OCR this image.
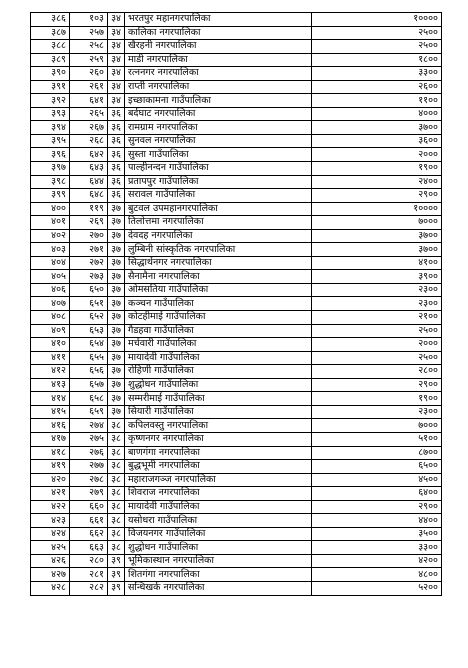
३८६	१०३	३४	भरतपुर महानगरपालिका	१००००
३८७	२५७	३४	कालिका नगरपालिका	२५००
३८८	२५८	३४	खैरहनी नगरपालिका	२५००
३८९	२५९	३४	माडी नगरपालिका	१८००
३९०	२६०	३४	रत्ननगर नगरपालिका	३३००
३९१	२६१	३४	राप्ती नगरपालिका	२६००
३९२	६४१	३४	इच्छाकामना गाउँपालिका	११००
३९३	२६५	३६	बर्दघाट नगरपालिका	४०००
३९४	२६७	३६	रामग्राम नगरपालिका	३७००
३९५	२६८	३६	सुनवल नगरपालिका	३६००
३९६	६४२	३६	सुस्ता गाउँपालिका	२०००
३९७	६४३	३६	पाल्हीनन्दन गाउँपालिका	१९००
३९८	६४४	३६	प्रतापपुर गाउँपालिका	२४००
३९९	६४८	३६	सरावल गाउँपालिका	२९००
४००	११९	३७	बुटवल उपमहानगरपालिका	१००००
४०१	२६९	३७	तिलोत्तमा नगरपालिका	७०००
४०२	२७०	३७	देवदह नगरपालिका	३७००
४०३	२७१	३७	लुम्बिनी सांस्कृतिक नगरपालिका	३७००
४०४	२७२	३७	सिद्धार्थनगर नगरपालिका	४१००
४०५	२७३	३७	सैनामैना नगरपालिका	३९००
४०६	६५०	३७	ओमसतिया गाउँपालिका	२३००
४०७	६५१	३७	कञ्चन गाउँपालिका	२३००
४०८	६५२	३७	कोटहीमाई गाउँपालिका	२१००
४०९	६५३	३७	गैडहवा गाउँपालिका	२५००
४१०	६५४	३७	मर्चवारी गाउँपालिका	२०००
४११	६५५	३७	मायादेवी गाउँपालिका	२५००
४१२	६५६	३७	रोहिणी गाउँपालिका	२८००
४१३	६५७	३७	शुद्धोधन गाउँपालिका	२९००
४१४	६५८	३७	सम्मरीमाई गाउँपालिका	१९००
४१५	६५९	३७	सियारी गाउँपालिका	२३००
४१६	२७४	३८	कपिलवस्तु नगरपालिका	७०००
४१७	२७५	३८	कृष्णनगर नगरपालिका	५१००
४१८	२७६	३८	बाणगंगा नगरपालिका	८७००
४१९	२७७	३८	बुद्धभूमी नगरपालिका	६५००
४२०	२७८	३८	महाराजगञ्ज नगरपालिका	४५००
४२१	२७९	३८	शिवराज नगरपालिका	६४००
४२२	६६०	३८	मायादेवी गाउँपालिका	२९००
४२३	६६१	३८	यसोधरा गाउँपालिका	४४००
४२४	६६२	३८	विजयनगर गाउँपालिका	३५००
४२५	६६३	३८	शुद्धोधन गाउँपालिका	३३००
४२६	२८०	३९	भूमिकास्थान नगरपालिका	४२००
४२७	२८१	३९	शितगंगा नगरपालिका	४८००
४२८	२८२	३९	सन्धिखर्क नगरपालिका	५२००
